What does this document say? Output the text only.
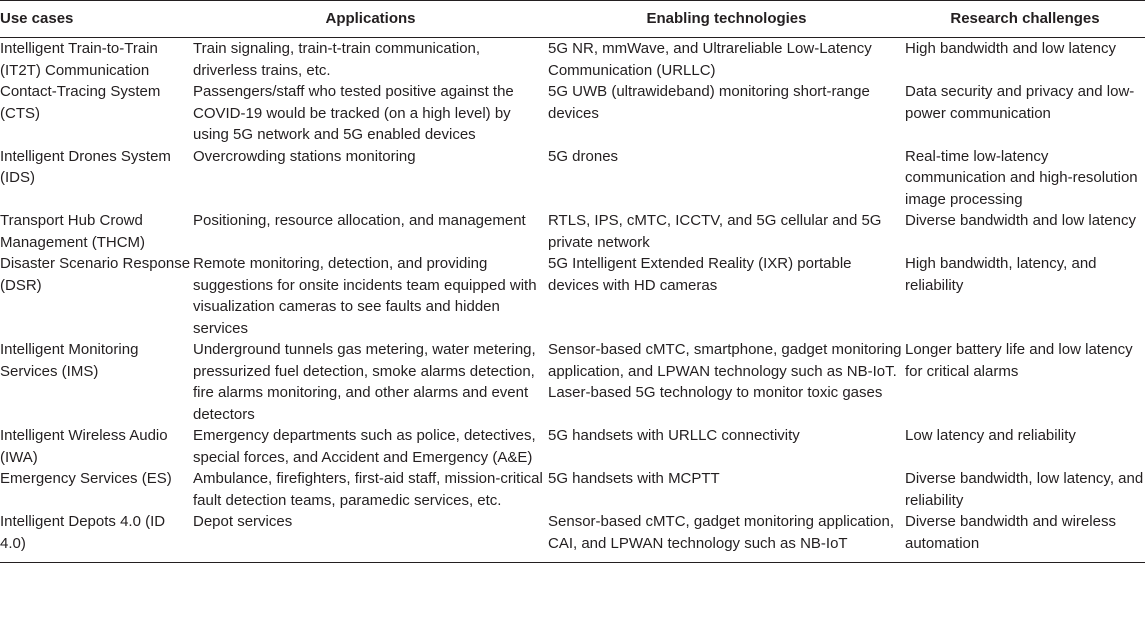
Use cases	Applications	Enabling technologies	Research challenges
Intelligent Train-to-Train (IT2T) Communication	Train signaling, train-t-train communication, driverless trains, etc.	5G NR, mmWave, and Ultrareliable Low-Latency Communication (URLLC)	High bandwidth and low latency
Contact-Tracing System (CTS)	Passengers/staff who tested positive against the COVID-19 would be tracked (on a high level) by using 5G network and 5G enabled devices	5G UWB (ultrawideband) monitoring short-range devices	Data security and privacy and low-power communication
Intelligent Drones System (IDS)	Overcrowding stations monitoring	5G drones	Real-time low-latency communication and high-resolution image processing
Transport Hub Crowd Management (THCM)	Positioning, resource allocation, and management	RTLS, IPS, cMTC, ICCTV, and 5G cellular and 5G private network	Diverse bandwidth and low latency
Disaster Scenario Response (DSR)	Remote monitoring, detection, and providing suggestions for onsite incidents team equipped with visualization cameras to see faults and hidden services	5G Intelligent Extended Reality (IXR) portable devices with HD cameras	High bandwidth, latency, and reliability
Intelligent Monitoring Services (IMS)	Underground tunnels gas metering, water metering, pressurized fuel detection, smoke alarms detection, fire alarms monitoring, and other alarms and event detectors	Sensor-based cMTC, smartphone, gadget monitoring application, and LPWAN technology such as NB-IoT. Laser-based 5G technology to monitor toxic gases	Longer battery life and low latency for critical alarms
Intelligent Wireless Audio (IWA)	Emergency departments such as police, detectives, special forces, and Accident and Emergency (A&E)	5G handsets with URLLC connectivity	Low latency and reliability
Emergency Services (ES)	Ambulance, firefighters, first-aid staff, mission-critical fault detection teams, paramedic services, etc.	5G handsets with MCPTT	Diverse bandwidth, low latency, and reliability
Intelligent Depots 4.0 (ID 4.0)	Depot services	Sensor-based cMTC, gadget monitoring application, CAI, and LPWAN technology such as NB-IoT	Diverse bandwidth and wireless automation
